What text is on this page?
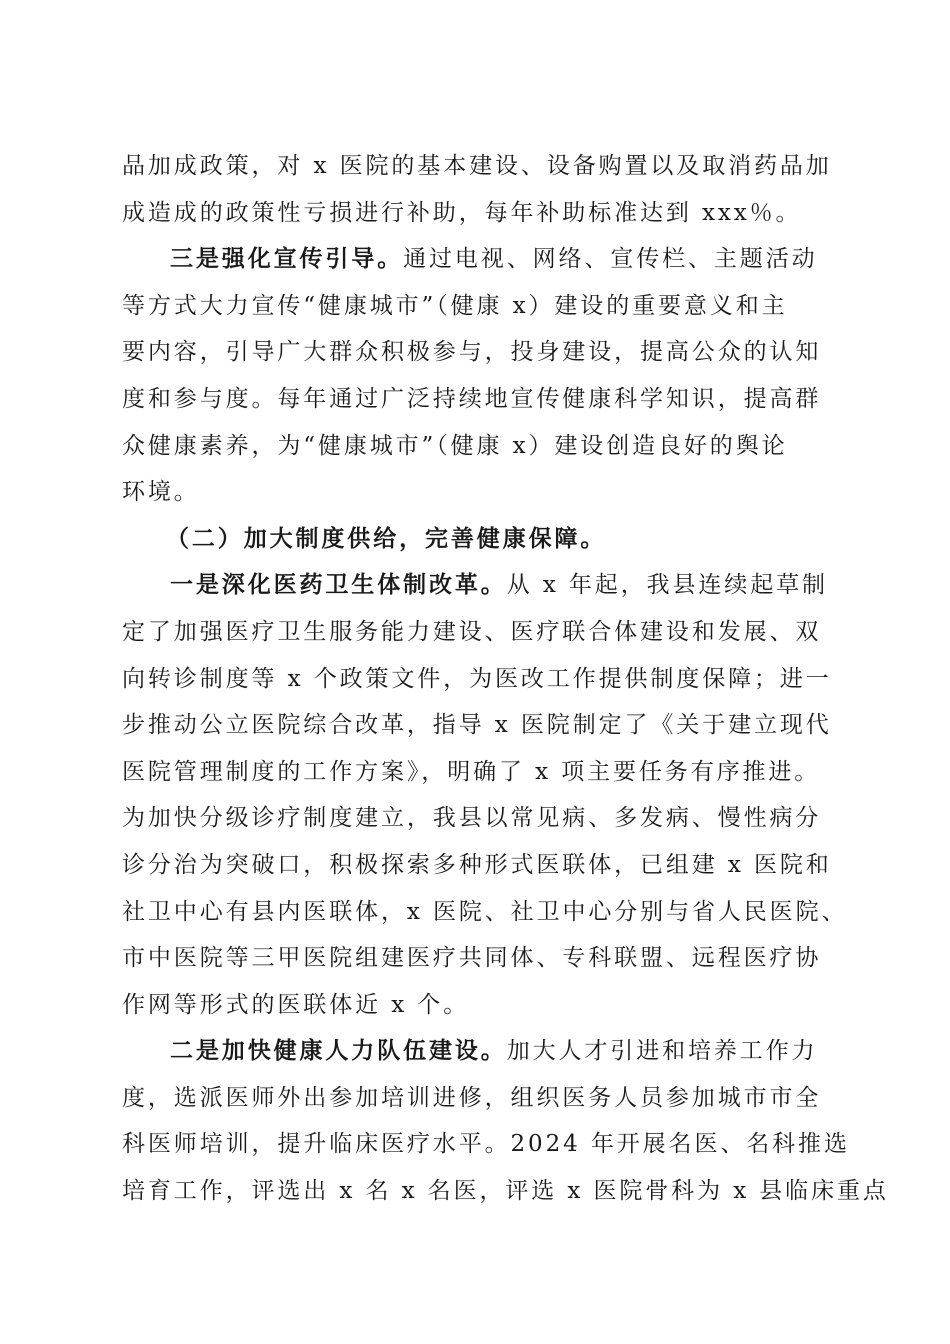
品加成政策，对 x 医院的基本建设、设备购置以及取消药品加
成造成的政策性亏损进行补助，每年补助标准达到 xxx％。
三是强化宣传引导。通过电视、网络、宣传栏、主题活动
等方式大力宣传“健康城市”（健康 x）建设的重要意义和主
要内容，引导广大群众积极参与，投身建设，提高公众的认知
度和参与度。每年通过广泛持续地宣传健康科学知识，提高群
众健康素养，为“健康城市”（健康 x）建设创造良好的舆论
环境。
（二）加大制度供给，完善健康保障。
一是深化医药卫生体制改革。从 x 年起，我县连续起草制
定了加强医疗卫生服务能力建设、医疗联合体建设和发展、双
向转诊制度等 x 个政策文件，为医改工作提供制度保障；进一
步推动公立医院综合改革，指导 x 医院制定了《关于建立现代
医院管理制度的工作方案》，明确了 x 项主要任务有序推进。
为加快分级诊疗制度建立，我县以常见病、多发病、慢性病分
诊分治为突破口，积极探索多种形式医联体，已组建 x 医院和
社卫中心有县内医联体，x 医院、社卫中心分别与省人民医院、
市中医院等三甲医院组建医疗共同体、专科联盟、远程医疗协
作网等形式的医联体近 x 个。
二是加快健康人力队伍建设。加大人才引进和培养工作力
度，选派医师外出参加培训进修，组织医务人员参加城市市全
科医师培训，提升临床医疗水平。2024 年开展名医、名科推选
培育工作，评选出 x 名 x 名医，评选 x 医院骨科为 x 县临床重点
